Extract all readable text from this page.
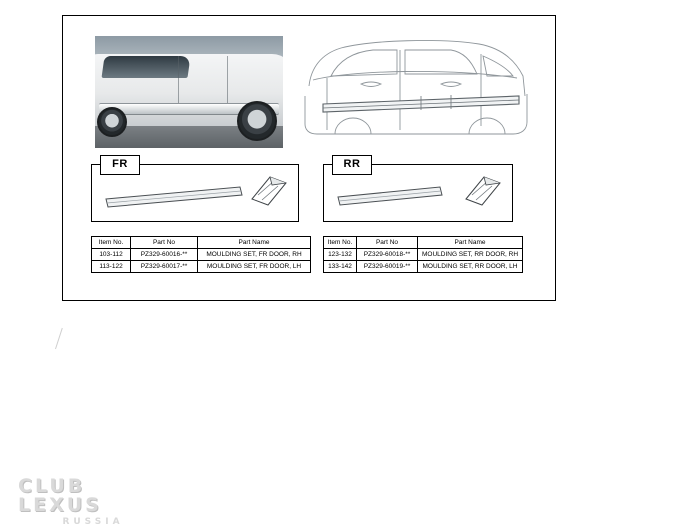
FR	RR
Item No.	Part No	Part Name
103-112	PZ329-60016-**	MOULDING SET, FR DOOR, RH
113-122	PZ329-60017-**	MOULDING SET, FR DOOR, LH
Item No.	Part No	Part Name
123-132	PZ329-60018-**	MOULDING SET, RR DOOR, RH
133-142	PZ329-60019-**	MOULDING SET, RR DOOR, LH
CLUB LEXUS
RUSSIA
